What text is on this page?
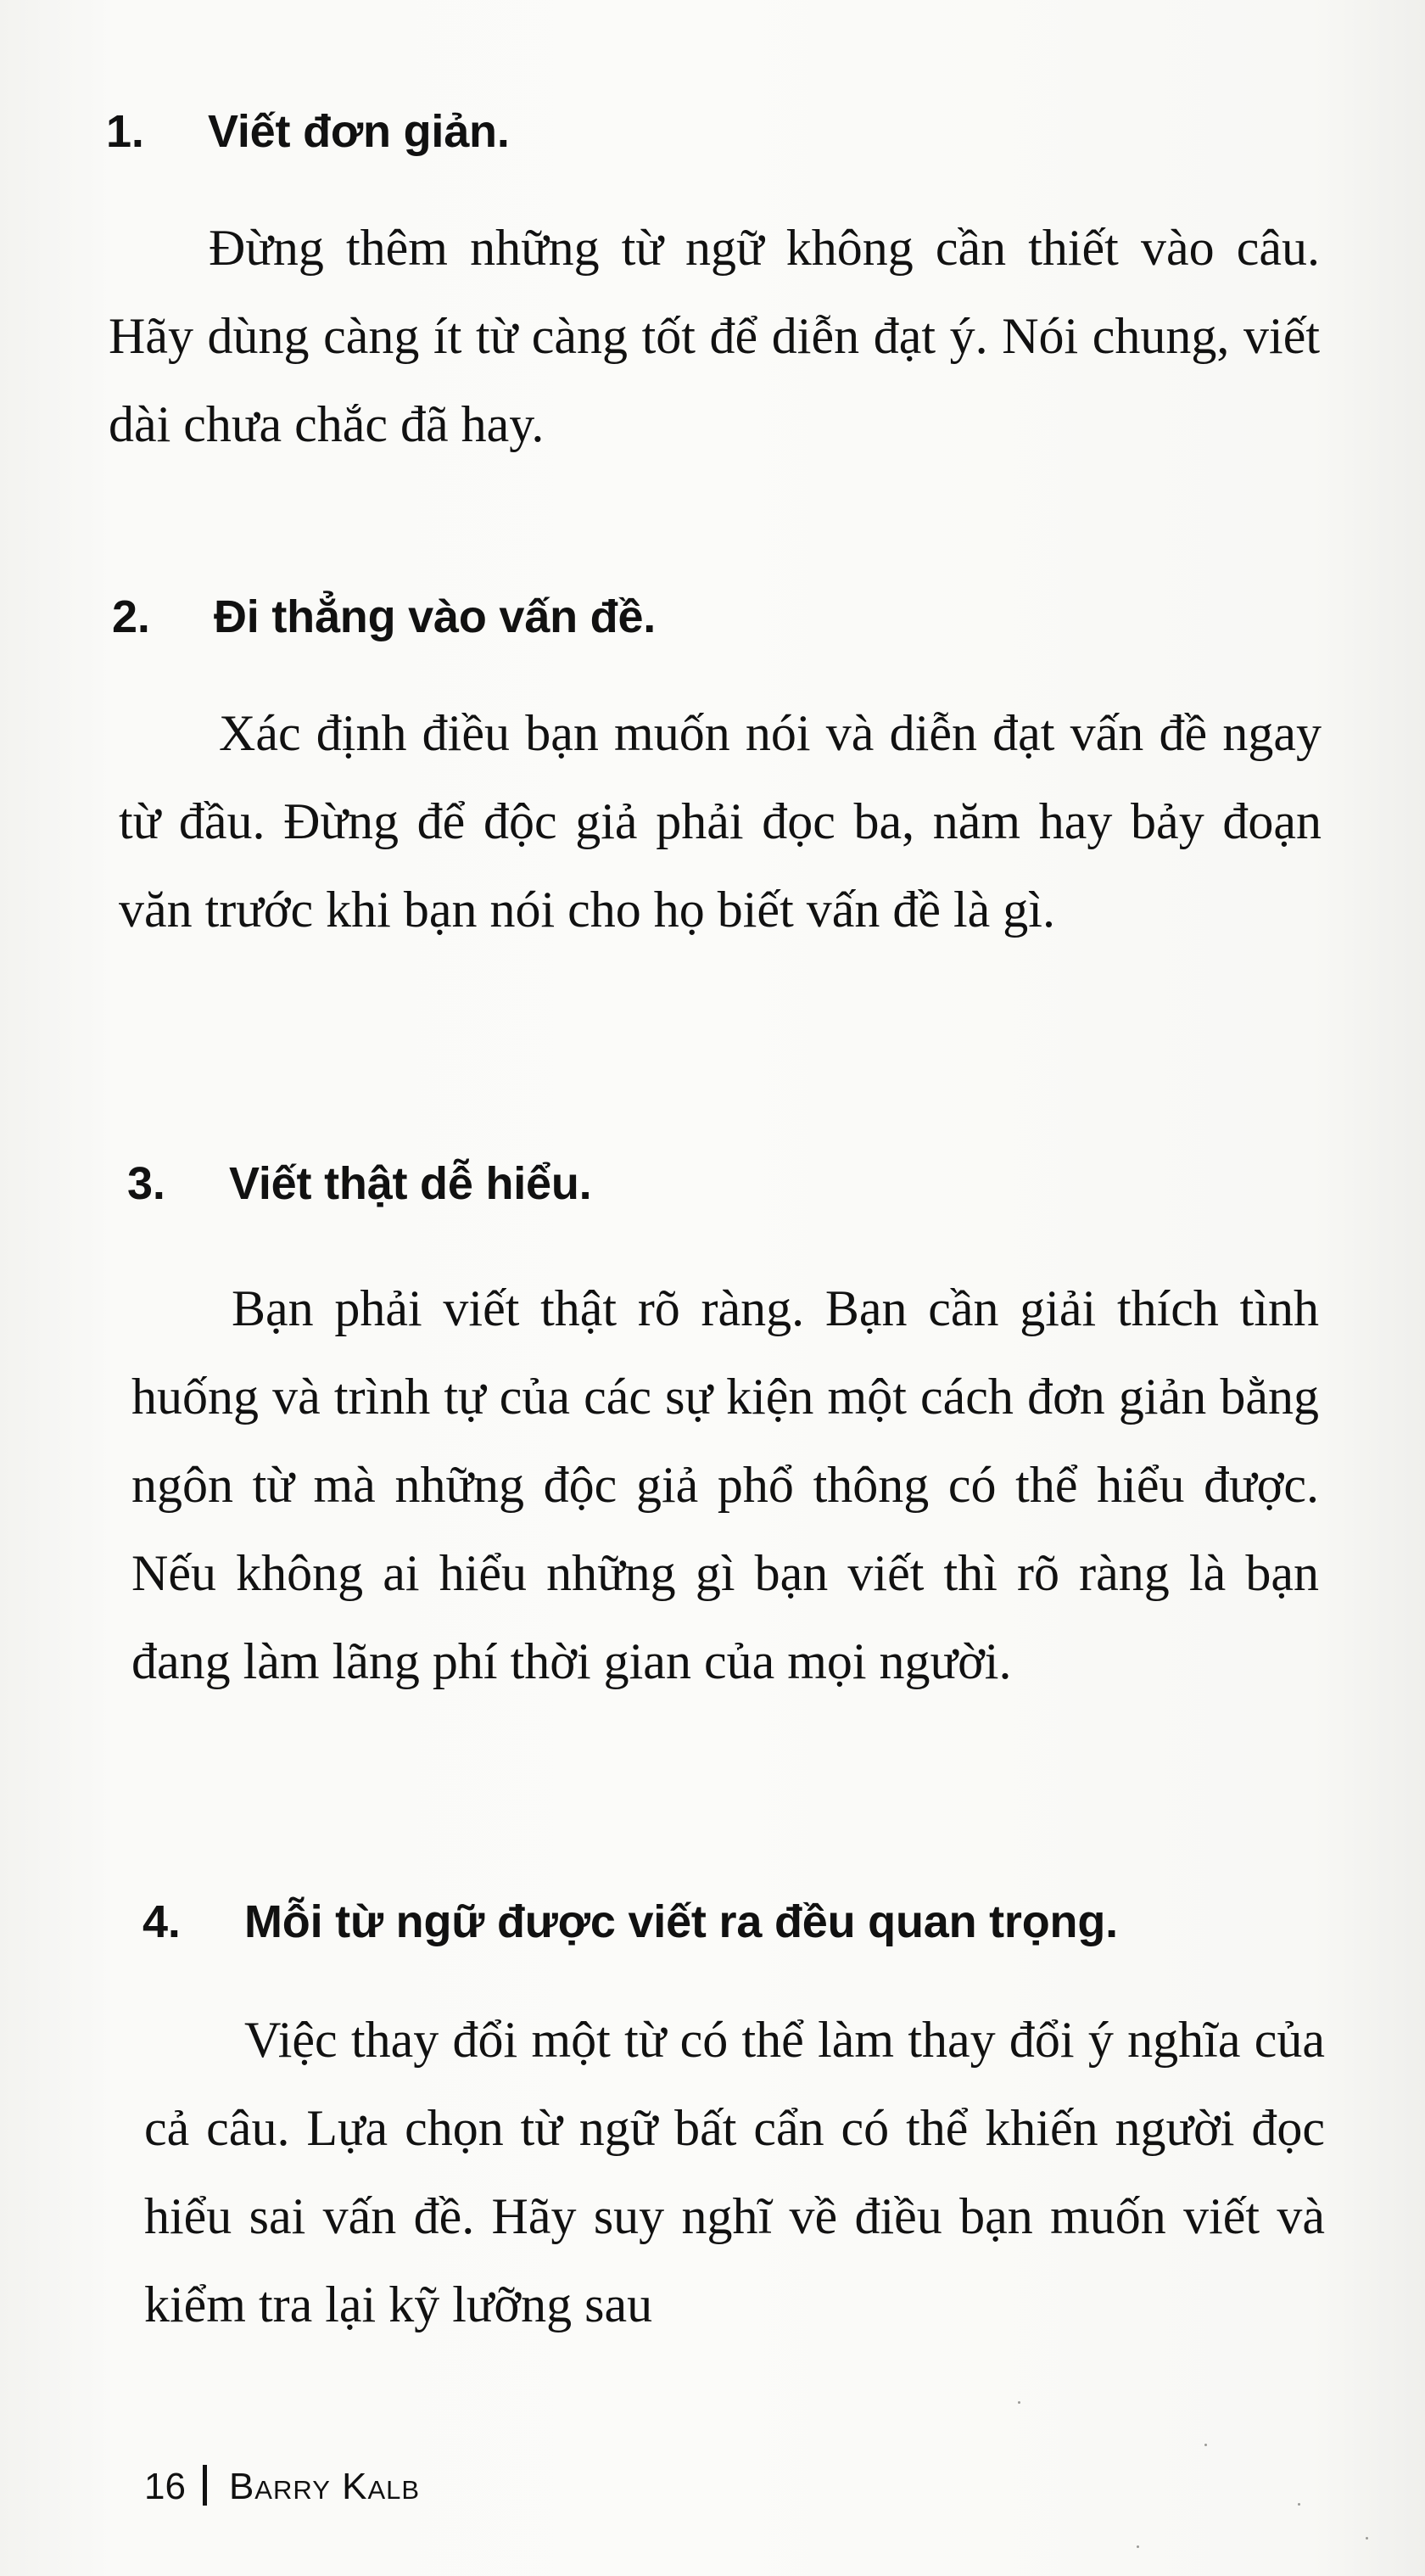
1. Viết đơn giản.

Đừng thêm những từ ngữ không cần thiết vào câu. Hãy dùng càng ít từ càng tốt để diễn đạt ý. Nói chung, viết dài chưa chắc đã hay.

2. Đi thẳng vào vấn đề.

Xác định điều bạn muốn nói và diễn đạt vấn đề ngay từ đầu. Đừng để độc giả phải đọc ba, năm hay bảy đoạn văn trước khi bạn nói cho họ biết vấn đề là gì.

3. Viết thật dễ hiểu.

Bạn phải viết thật rõ ràng. Bạn cần giải thích tình huống và trình tự của các sự kiện một cách đơn giản bằng ngôn từ mà những độc giả phổ thông có thể hiểu được. Nếu không ai hiểu những gì bạn viết thì rõ ràng là bạn đang làm lãng phí thời gian của mọi người.

4. Mỗi từ ngữ được viết ra đều quan trọng.

Việc thay đổi một từ có thể làm thay đổi ý nghĩa của cả câu. Lựa chọn từ ngữ bất cẩn có thể khiến người đọc hiểu sai vấn đề. Hãy suy nghĩ về điều bạn muốn viết và kiểm tra lại kỹ lưỡng sau

16 Barry Kalb
